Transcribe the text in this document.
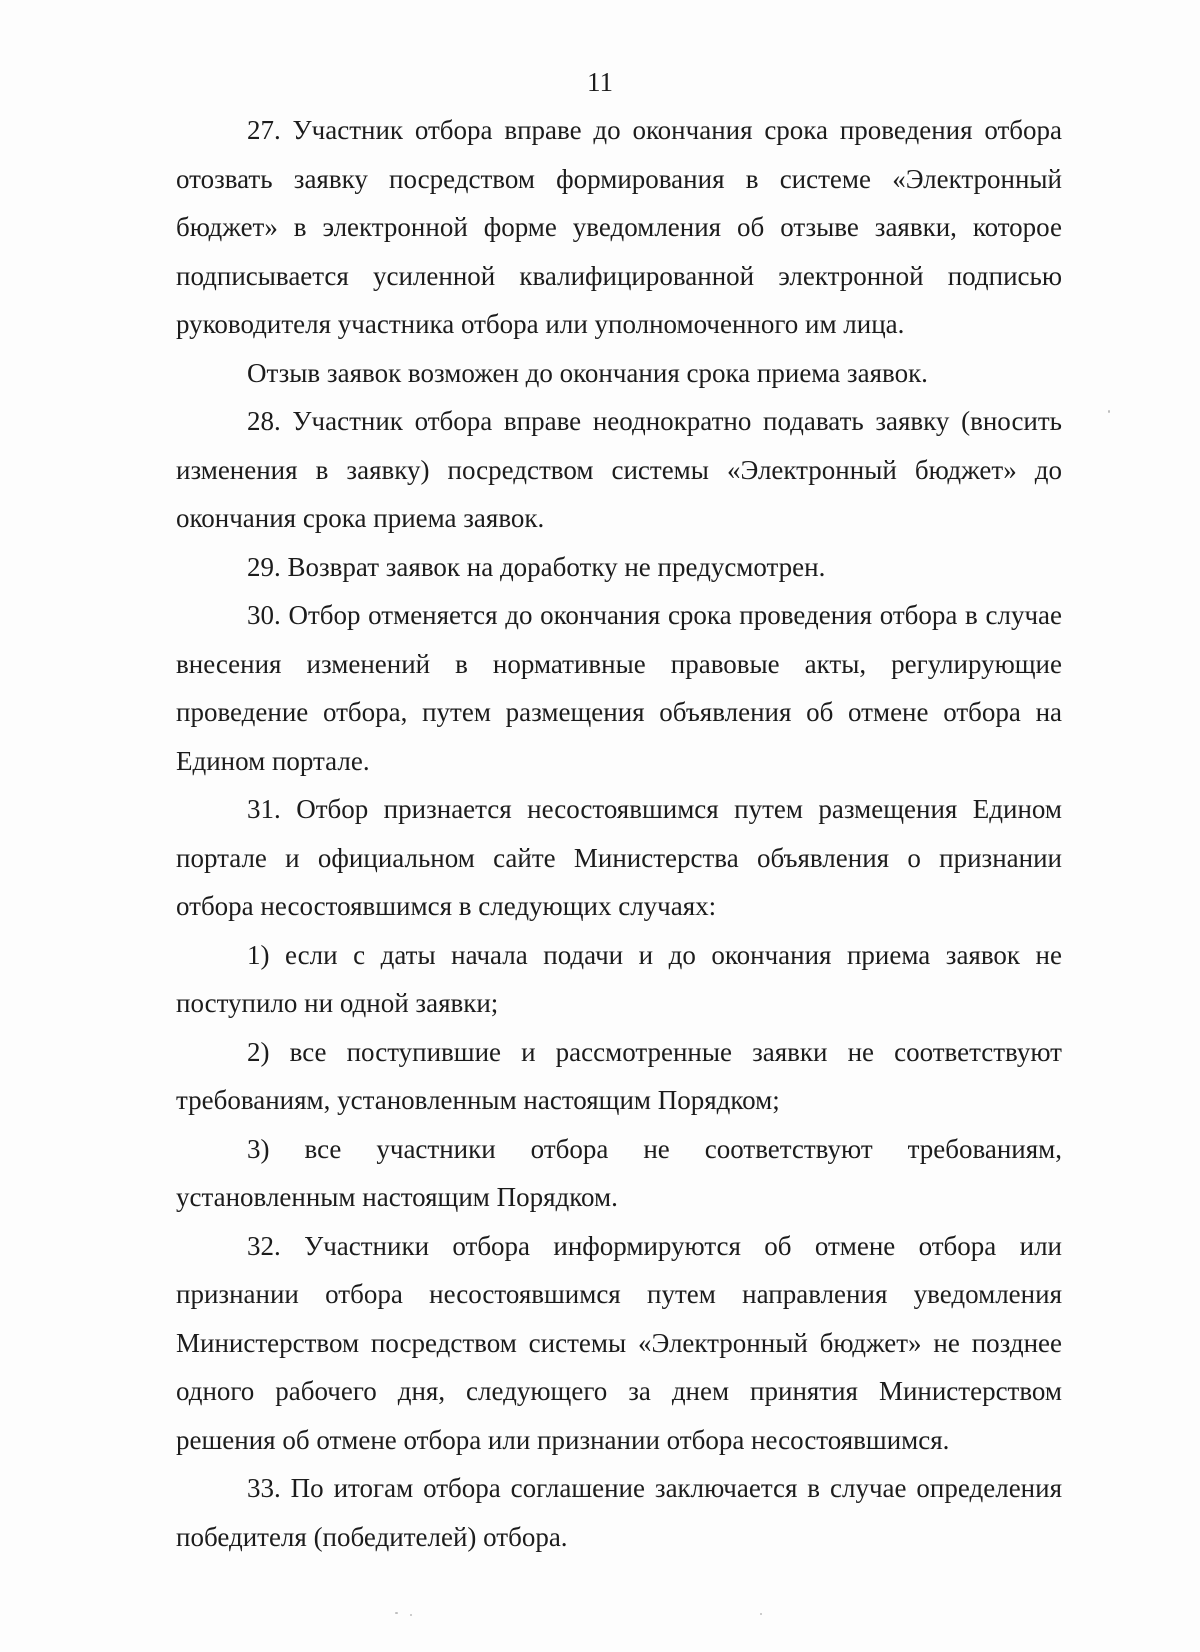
11

27. Участник отбора вправе до окончания срока проведения отбора отозвать заявку посредством формирования в системе «Электронный бюджет» в электронной форме уведомления об отзыве заявки, которое подписывается усиленной квалифицированной электронной подписью руководителя участника отбора или уполномоченного им лица.

Отзыв заявок возможен до окончания срока приема заявок.

28. Участник отбора вправе неоднократно подавать заявку (вносить изменения в заявку) посредством системы «Электронный бюджет» до окончания срока приема заявок.

29. Возврат заявок на доработку не предусмотрен.

30. Отбор отменяется до окончания срока проведения отбора в случае внесения изменений в нормативные правовые акты, регулирующие проведение отбора, путем размещения объявления об отмене отбора на Едином портале.

31. Отбор признается несостоявшимся путем размещения Едином портале и официальном сайте Министерства объявления о признании отбора несостоявшимся в следующих случаях:

1) если с даты начала подачи и до окончания приема заявок не поступило ни одной заявки;

2) все поступившие и рассмотренные заявки не соответствуют требованиям, установленным настоящим Порядком;

3) все участники отбора не соответствуют требованиям, установленным настоящим Порядком.

32. Участники отбора информируются об отмене отбора или признании отбора несостоявшимся путем направления уведомления Министерством посредством системы «Электронный бюджет» не позднее одного рабочего дня, следующего за днем принятия Министерством решения об отмене отбора или признании отбора несостоявшимся.

33. По итогам отбора соглашение заключается в случае определения победителя (победителей) отбора.
